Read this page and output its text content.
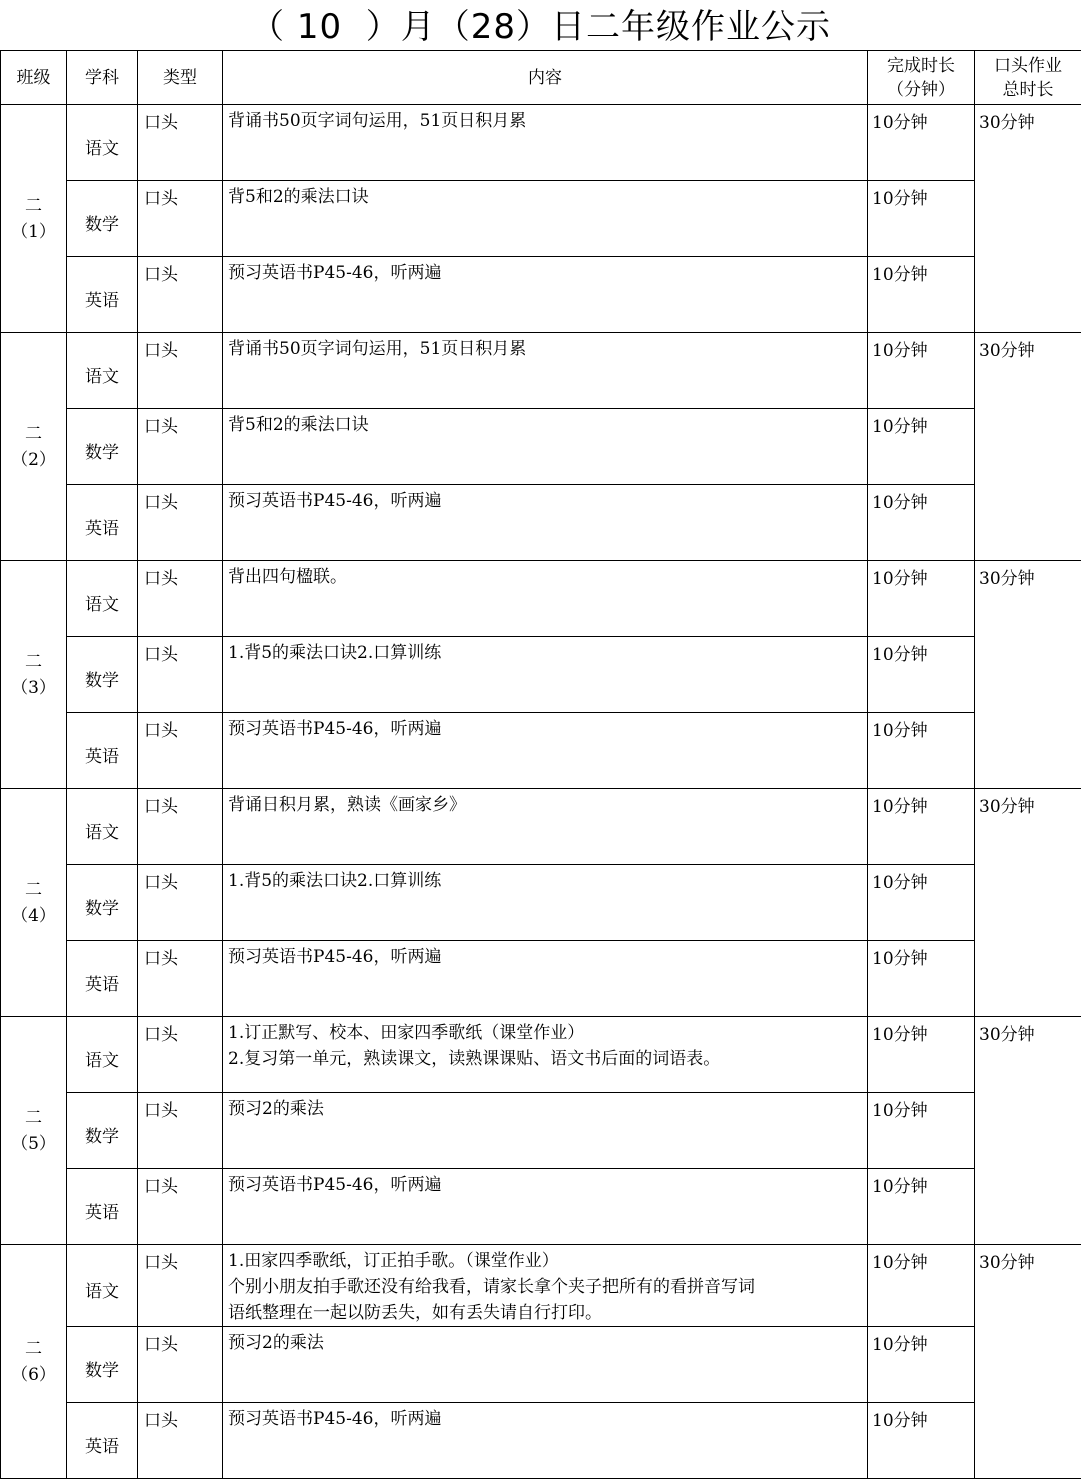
（ 10  ）月（28）日二年级作业公示
班级	学科	类型	内容	完成时长
（分钟）	口头作业
总时长

二
（1）	语文	口头	背诵书50页字词句运用，51页日积月累	10分钟	30分钟
	数学	口头	背5和2的乘法口诀	10分钟	
	英语	口头	预习英语书P45-46，听两遍	10分钟	

二
（2）	语文	口头	背诵书50页字词句运用，51页日积月累	10分钟	30分钟
	数学	口头	背5和2的乘法口诀	10分钟	
	英语	口头	预习英语书P45-46，听两遍	10分钟	

二
（3）	语文	口头	背出四句楹联。	10分钟	30分钟
	数学	口头	1.背5的乘法口诀2.口算训练	10分钟	
	英语	口头	预习英语书P45-46，听两遍	10分钟	

二
（4）	语文	口头	背诵日积月累，熟读《画家乡》	10分钟	30分钟
	数学	口头	1.背5的乘法口诀2.口算训练	10分钟	
	英语	口头	预习英语书P45-46，听两遍	10分钟	

二
（5）	语文	口头	1.订正默写、校本、田家四季歌纸（课堂作业）
2.复习第一单元，熟读课文，读熟课课贴、语文书后面的词语表。	10分钟	30分钟
	数学	口头	预习2的乘法	10分钟	
	英语	口头	预习英语书P45-46，听两遍	10分钟	

二
（6）	语文	口头	1.田家四季歌纸，订正拍手歌。（课堂作业）
个别小朋友拍手歌还没有给我看，请家长拿个夹子把所有的看拼音写词
语纸整理在一起以防丢失，如有丢失请自行打印。	10分钟	30分钟
	数学	口头	预习2的乘法	10分钟	
	英语	口头	预习英语书P45-46，听两遍	10分钟	
